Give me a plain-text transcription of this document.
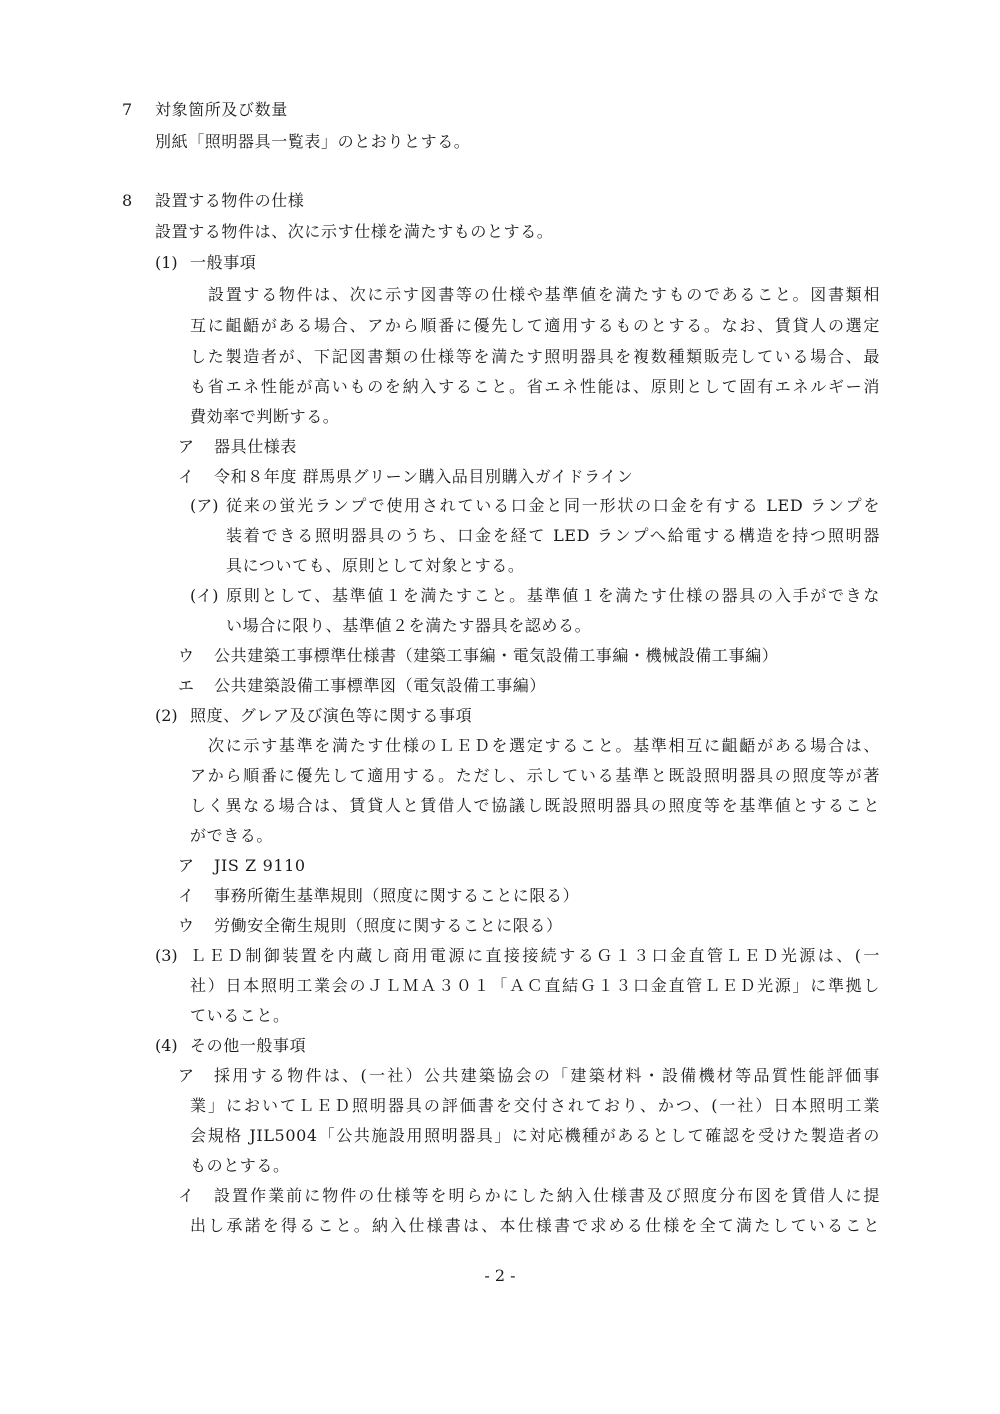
7 対象箇所及び数量

別紙「照明器具一覧表」のとおりとする。

8 設置する物件の仕様

設置する物件は、次に示す仕様を満たすものとする。

(1) 一般事項

設置する物件は、次に示す図書等の仕様や基準値を満たすものであること。図書類相

互に齟齬がある場合、アから順番に優先して適用するものとする。なお、賃貸人の選定

した製造者が、下記図書類の仕様等を満たす照明器具を複数種類販売している場合、最

も省エネ性能が高いものを納入すること。省エネ性能は、原則として固有エネルギー消

費効率で判断する。

ア 器具仕様表

イ 令和８年度 群馬県グリーン購入品目別購入ガイドライン

(ア) 従来の蛍光ランプで使用されている口金と同一形状の口金を有する LED ランプを

装着できる照明器具のうち、口金を経て LED ランプへ給電する構造を持つ照明器

具についても、原則として対象とする。

(イ) 原則として、基準値１を満たすこと。基準値１を満たす仕様の器具の入手ができな

い場合に限り、基準値２を満たす器具を認める。

ウ 公共建築工事標準仕様書（建築工事編・電気設備工事編・機械設備工事編）

エ 公共建築設備工事標準図（電気設備工事編）

(2) 照度、グレア及び演色等に関する事項

次に示す基準を満たす仕様のＬＥＤを選定すること。基準相互に齟齬がある場合は、

アから順番に優先して適用する。ただし、示している基準と既設照明器具の照度等が著

しく異なる場合は、賃貸人と賃借人で協議し既設照明器具の照度等を基準値とすること

ができる。

ア JIS Z 9110

イ 事務所衛生基準規則（照度に関することに限る）

ウ 労働安全衛生規則（照度に関することに限る）

(3) ＬＥＤ制御装置を内蔵し商用電源に直接接続するＧ１３口金直管ＬＥＤ光源は、(一

社）日本照明工業会のＪＬＭＡ３０１「ＡＣ直結Ｇ１３口金直管ＬＥＤ光源」に準拠し

ていること。

(4) その他一般事項

ア 採用する物件は、(一社）公共建築協会の「建築材料・設備機材等品質性能評価事

業」においてＬＥＤ照明器具の評価書を交付されており、かつ、(一社）日本照明工業

会規格 JIL5004「公共施設用照明器具」に対応機種があるとして確認を受けた製造者の

ものとする。

イ 設置作業前に物件の仕様等を明らかにした納入仕様書及び照度分布図を賃借人に提

出し承諾を得ること。納入仕様書は、本仕様書で求める仕様を全て満たしていること

- 2 -
